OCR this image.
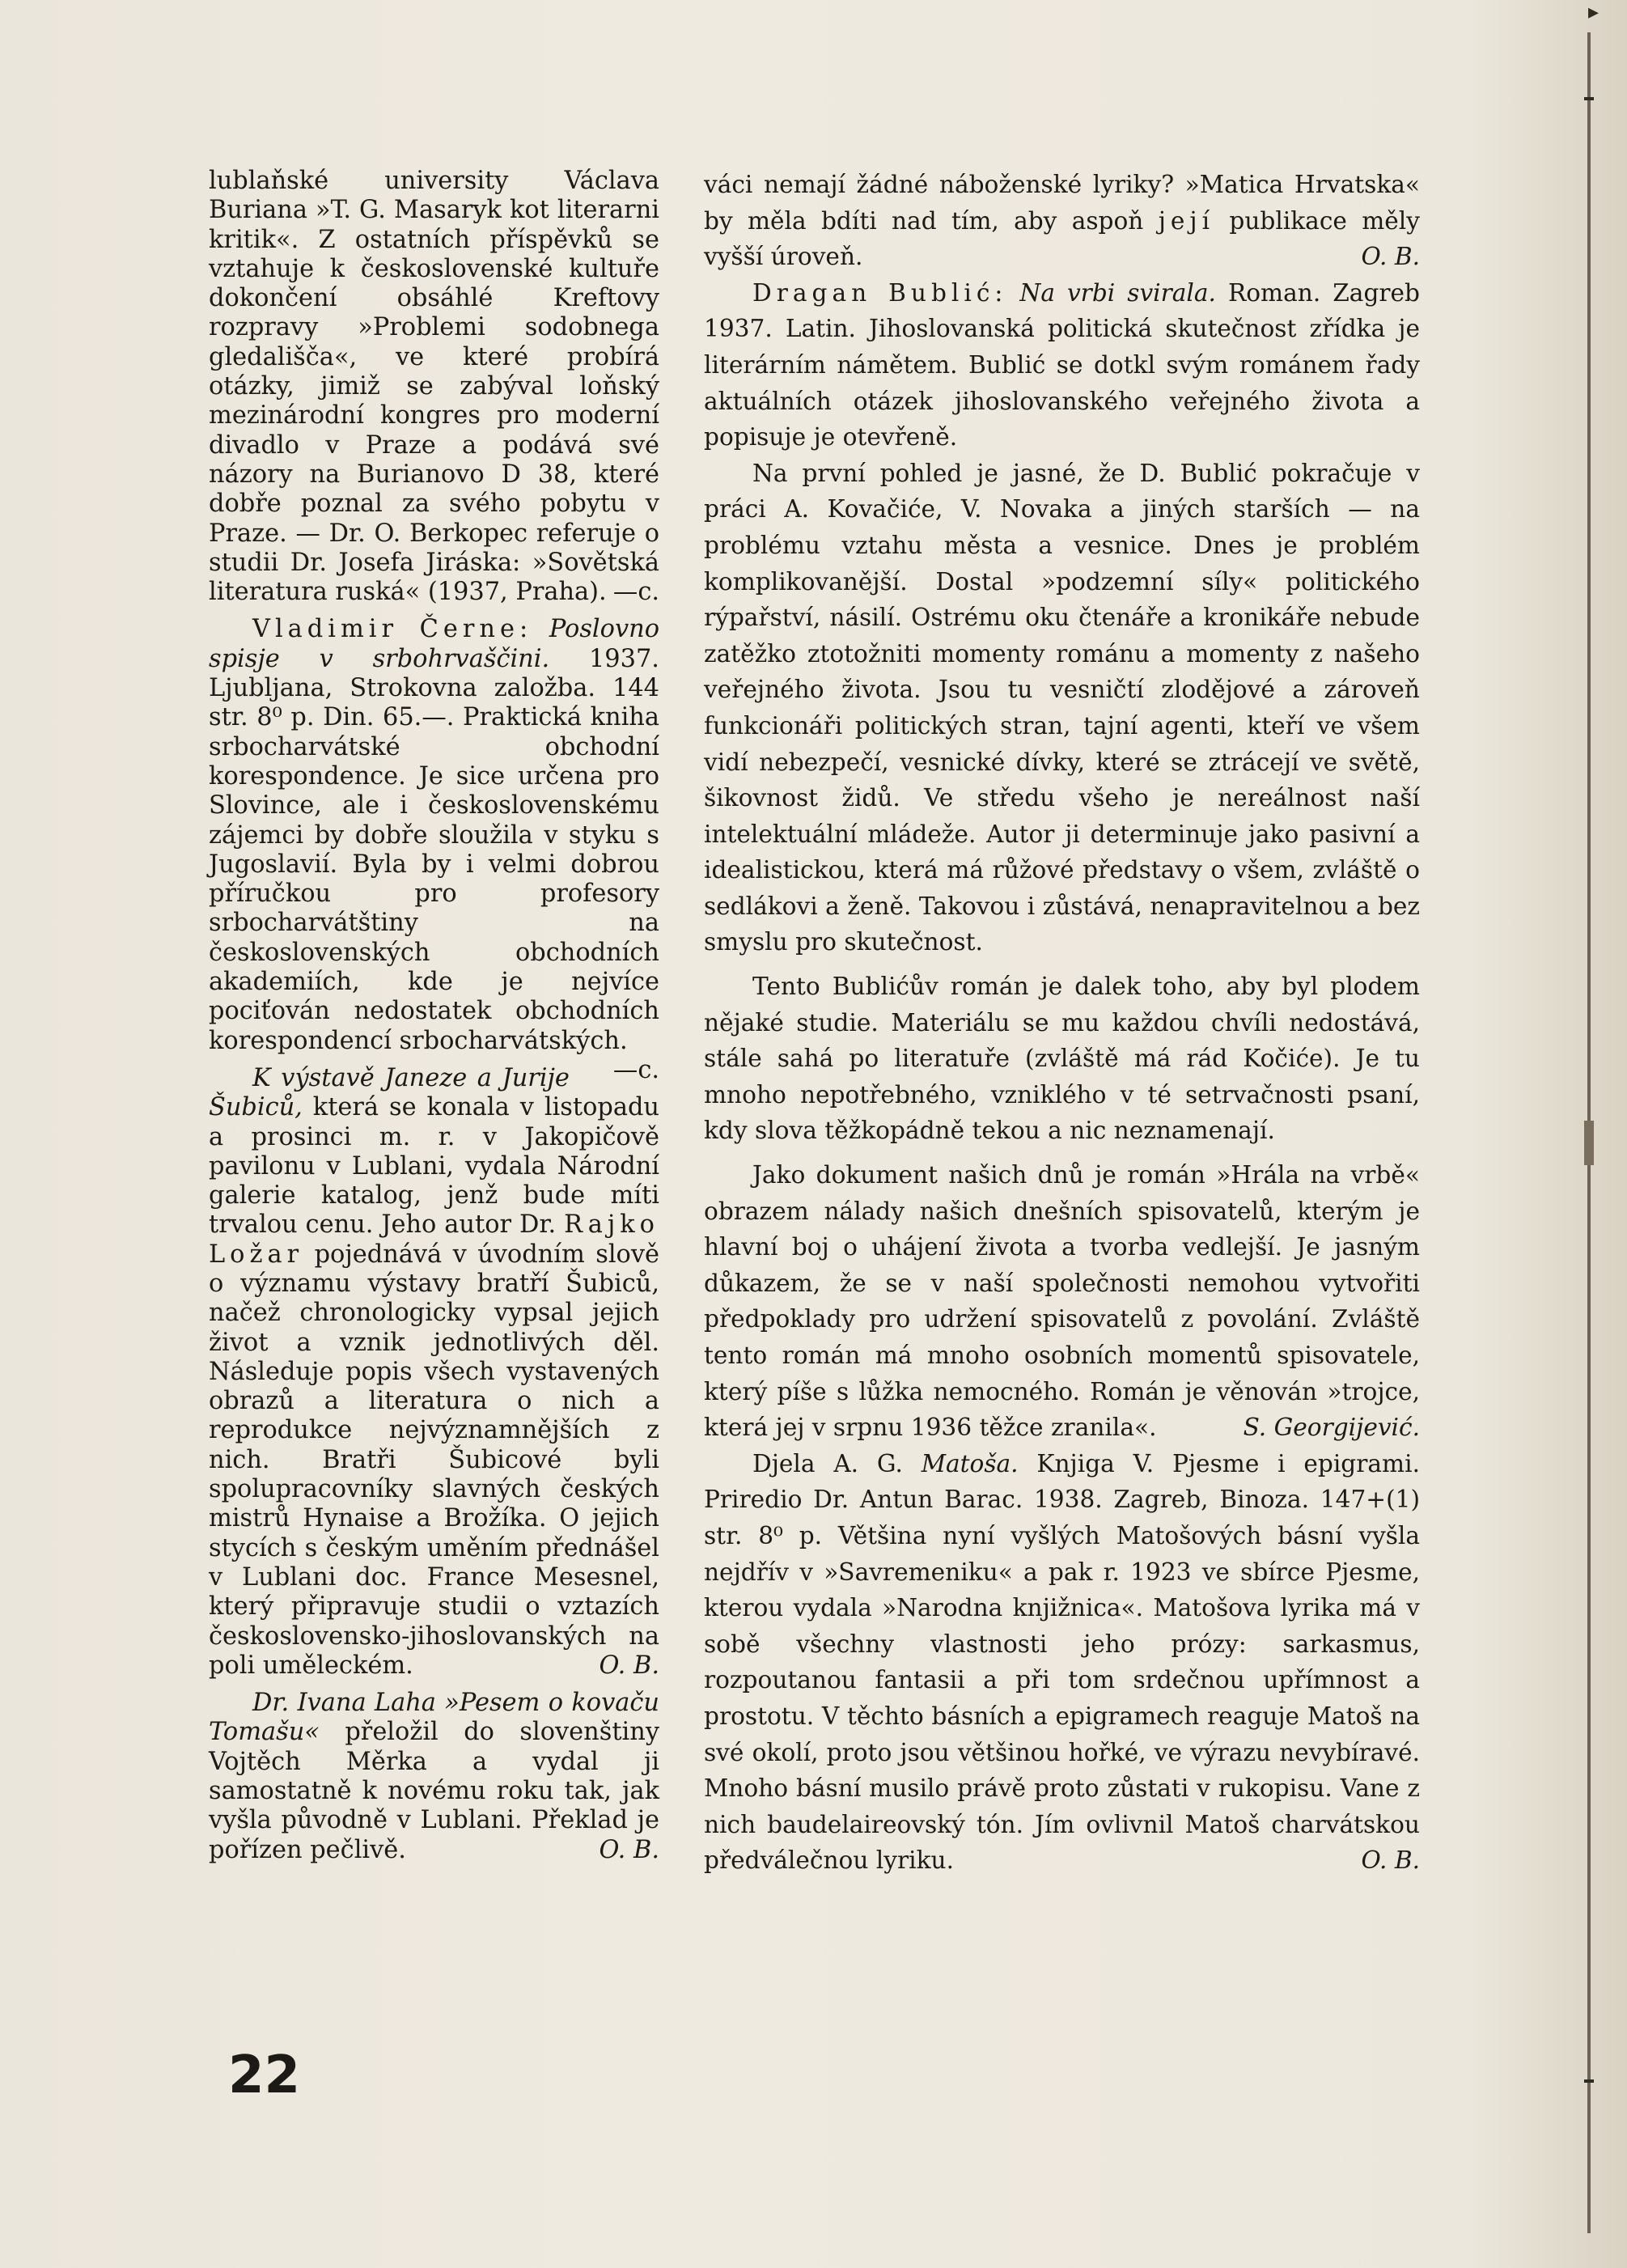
▸

lublaňské university Václava Buriana »T. G. Masaryk kot literarni kritik«. Z ostatních příspěvků se vztahuje k československé kultuře dokončení obsáhlé Kreftovy rozpravy »Problemi sodobnega gledališča«, ve které probírá otázky, jimiž se zabýval loňský mezinárodní kongres pro moderní divadlo v Praze a podává své názory na Burianovo D 38, které dobře poznal za svého pobytu v Praze. — Dr. O. Berkopec referuje o studii Dr. Josefa Jiráska: »Sovětská literatura ruská« (1937, Praha). —c.

Vladimir Černe: Poslovno spisje v srbohrvaščini. 1937. Ljubljana, Strokovna založba. 144 str. 8⁰ p. Din. 65.—. Praktická kniha srbocharvátské obchodní korespondence. Je sice určena pro Slovince, ale i československému zájemci by dobře sloužila v styku s Jugoslavií. Byla by i velmi dobrou příručkou pro profesory srbocharvátštiny na československých obchodních akademiích, kde je nejvíce pociťován nedostatek obchodních korespondencí srbocharvátských.
—c.

K výstavě Janeze a Jurije Šubiců, která se konala v listopadu a prosinci m. r. v Jakopičově pavilonu v Lublani, vydala Národní galerie katalog, jenž bude míti trvalou cenu. Jeho autor Dr. Rajko Ložar pojednává v úvodním slově o významu výstavy bratří Šubiců, načež chronologicky vypsal jejich život a vznik jednotlivých děl. Následuje popis všech vystavených obrazů a literatura o nich a reprodukce nejvýznamnějších z nich. Bratři Šubicové byli spolupracovníky slavných českých mistrů Hynaise a Brožíka. O jejich stycích s českým uměním přednášel v Lublani doc. France Mesesnel, který připravuje studii o vztazích československo-jihoslovanských na poli uměleckém.	O. B.

Dr. Ivana Laha »Pesem o kovaču Tomašu« přeložil do slovenštiny Vojtěch Měrka a vydal ji samostatně k novému roku tak, jak vyšla původně v Lublani. Překlad je pořízen pečlivě.	O. B.

váci nemají žádné náboženské lyriky? »Matica Hrvatska« by měla bdíti nad tím, aby aspoň její publikace měly vyšší úroveň.	O. B.

Dragan Bublić: Na vrbi svirala. Roman. Zagreb 1937. Latin. Jihoslovanská politická skutečnost zřídka je literárním námětem. Bublić se dotkl svým románem řady aktuálních otázek jihoslovanského veřejného života a popisuje je otevřeně.

Na první pohled je jasné, že D. Bublić pokračuje v práci A. Kovačiće, V. Novaka a jiných starších — na problému vztahu města a vesnice. Dnes je problém komplikovanější. Dostal »podzemní síly« politického rýpařství, násilí. Ostrému oku čtenáře a kronikáře nebude zatěžko ztotožniti momenty románu a momenty z našeho veřejného života. Jsou tu vesničtí zlodějové a zároveň funkcionáři politických stran, tajní agenti, kteří ve všem vidí nebezpečí, vesnické dívky, které se ztrácejí ve světě, šikovnost židů. Ve středu všeho je nereálnost naší intelektuální mládeže. Autor ji determinuje jako pasivní a idealistickou, která má růžové představy o všem, zvláště o sedlákovi a ženě. Takovou i zůstává, nenapravitelnou a bez smyslu pro skutečnost.

Tento Bublićův román je dalek toho, aby byl plodem nějaké studie. Materiálu se mu každou chvíli nedostává, stále sahá po literatuře (zvláště má rád Kočiće). Je tu mnoho nepotřebného, vzniklého v té setrvačnosti psaní, kdy slova těžkopádně tekou a nic neznamenají.

Jako dokument našich dnů je román »Hrála na vrbě« obrazem nálady našich dnešních spisovatelů, kterým je hlavní boj o uhájení života a tvorba vedlejší. Je jasným důkazem, že se v naší společnosti nemohou vytvořiti předpoklady pro udržení spisovatelů z povolání. Zvláště tento román má mnoho osobních momentů spisovatele, který píše s lůžka nemocného. Román je věnován »trojce, která jej v srpnu 1936 těžce zranila«.	S. Georgijević.

Djela A. G. Matoša. Knjiga V. Pjesme i epigrami. Priredio Dr. Antun Barac. 1938. Zagreb, Binoza. 147+(1) str. 8⁰ p. Většina nyní vyšlých Matošových básní vyšla nejdřív v »Savremeniku« a pak r. 1923 ve sbírce Pjesme, kterou vydala »Narodna knjižnica«. Matošova lyrika má v sobě všechny vlastnosti jeho prózy: sarkasmus, rozpoutanou fantasii a při tom srdečnou upřímnost a prostotu. V těchto básních a epigramech reaguje Matoš na své okolí, proto jsou většinou hořké, ve výrazu nevybíravé. Mnoho básní musilo právě proto zůstati v rukopisu. Vane z nich baudelaireovský tón. Jím ovlivnil Matoš charvátskou předválečnou lyriku.	O. B.

22
